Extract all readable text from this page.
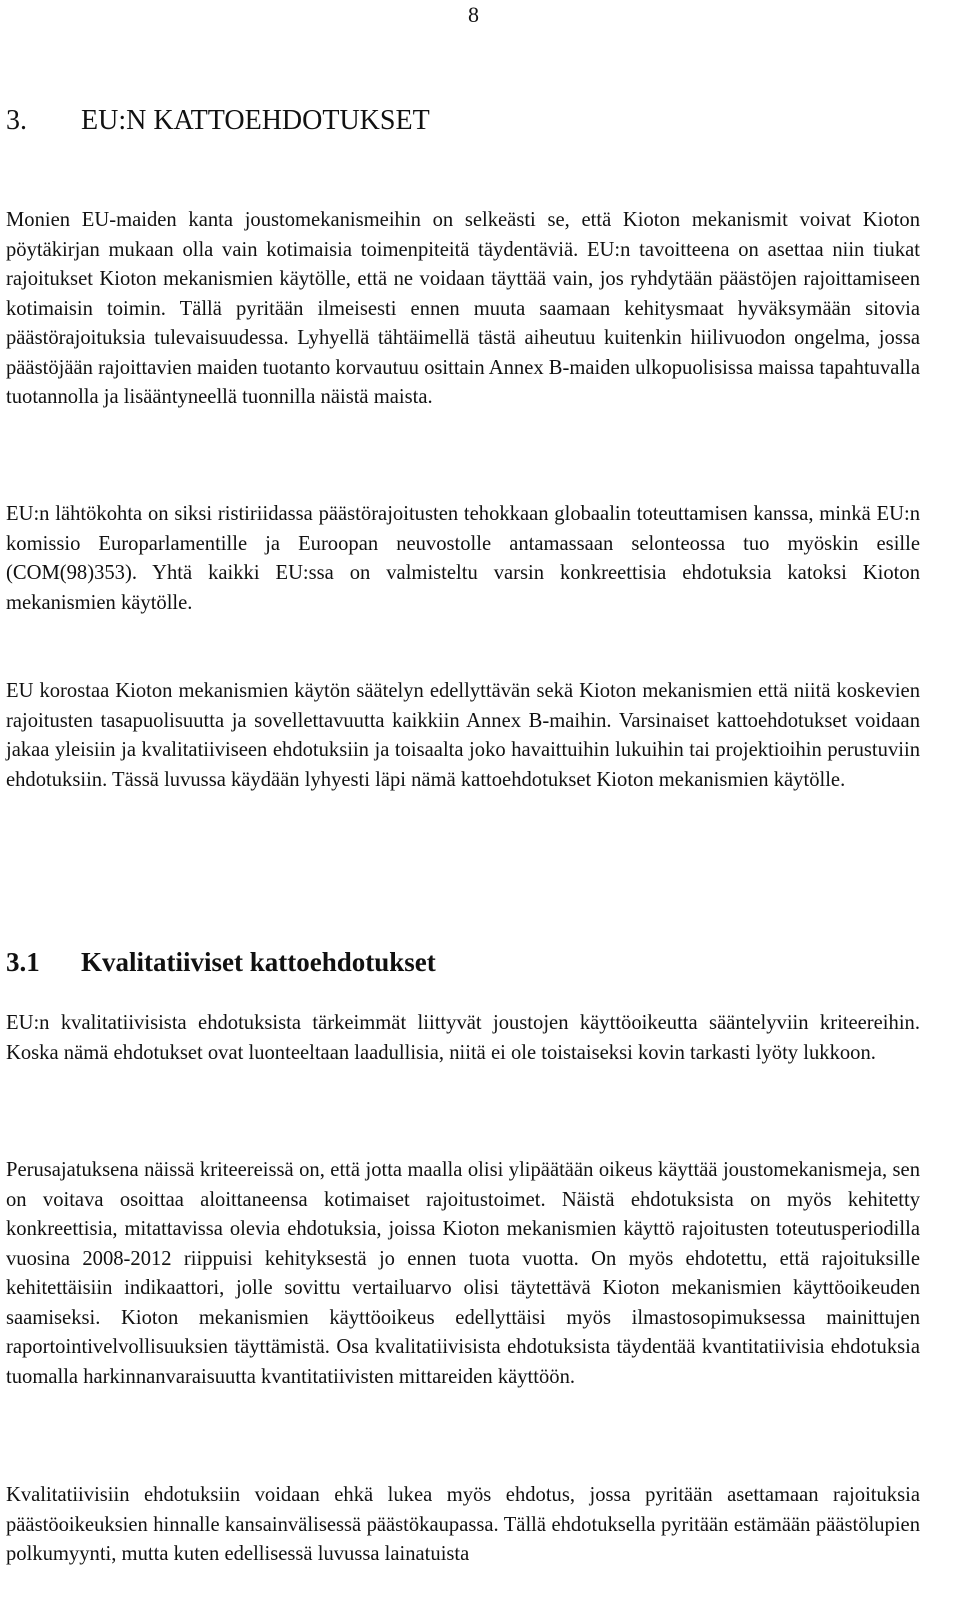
8
3. EU:N KATTOEHDOTUKSET

Monien EU-maiden kanta joustomekanismeihin on selkeästi se, että Kioton mekanismit voivat Kioton pöytäkirjan mukaan olla vain kotimaisia toimenpiteitä täydentäviä. EU:n tavoitteena on asettaa niin tiukat rajoitukset Kioton mekanismien käytölle, että ne voidaan täyttää vain, jos ryhdytään päästöjen rajoittamiseen kotimaisin toimin. Tällä pyritään ilmeisesti ennen muuta saamaan kehitysmaat hyväksymään sitovia päästörajoituksia tulevaisuudessa. Lyhyellä tähtäimellä tästä aiheutuu kuitenkin hiilivuodon ongelma, jossa päästöjään rajoittavien maiden tuotanto korvautuu osittain Annex B-maiden ulkopuolisissa maissa tapahtuvalla tuotannolla ja lisääntyneellä tuonnilla näistä maista.

EU:n lähtökohta on siksi ristiriidassa päästörajoitusten tehokkaan globaalin toteuttamisen kanssa, minkä EU:n komissio Europarlamentille ja Euroopan neuvostolle antamassaan selonteossa tuo myöskin esille (COM(98)353). Yhtä kaikki EU:ssa on valmisteltu varsin konkreettisia ehdotuksia katoksi Kioton mekanismien käytölle.

EU korostaa Kioton mekanismien käytön säätelyn edellyttävän sekä Kioton mekanismien että niitä koskevien rajoitusten tasapuolisuutta ja sovellettavuutta kaikkiin Annex B-maihin. Varsinaiset kattoehdotukset voidaan jakaa yleisiin ja kvalitatiiviseen ehdotuksiin ja toisaalta joko havaittuihin lukuihin tai projektioihin perustuviin ehdotuksiin. Tässä luvussa käydään lyhyesti läpi nämä kattoehdotukset Kioton mekanismien käytölle.

3.1 Kvalitatiiviset kattoehdotukset

EU:n kvalitatiivisista ehdotuksista tärkeimmät liittyvät joustojen käyttöoikeutta sääntelyviin kriteereihin. Koska nämä ehdotukset ovat luonteeltaan laadullisia, niitä ei ole toistaiseksi kovin tarkasti lyöty lukkoon.

Perusajatuksena näissä kriteereissä on, että jotta maalla olisi ylipäätään oikeus käyttää joustomekanismeja, sen on voitava osoittaa aloittaneensa kotimaiset rajoitustoimet. Näistä ehdotuksista on myös kehitetty konkreettisia, mitattavissa olevia ehdotuksia, joissa Kioton mekanismien käyttö rajoitusten toteutusperiodilla vuosina 2008-2012 riippuisi kehityksestä jo ennen tuota vuotta. On myös ehdotettu, että rajoituksille kehitettäisiin indikaattori, jolle sovittu vertailuarvo olisi täytettävä Kioton mekanismien käyttöoikeuden saamiseksi. Kioton mekanismien käyttöoikeus edellyttäisi myös ilmastosopimuksessa mainittujen raportointivelvollisuuksien täyttämistä. Osa kvalitatiivisista ehdotuksista täydentää kvantitatiivisia ehdotuksia tuomalla harkinnanvaraisuutta kvantitatiivisten mittareiden käyttöön.

Kvalitatiivisiin ehdotuksiin voidaan ehkä lukea myös ehdotus, jossa pyritään asettamaan rajoituksia päästöoikeuksien hinnalle kansainvälisessä päästökaupassa. Tällä ehdotuksella pyritään estämään päästölupien polkumyynti, mutta kuten edellisessä luvussa lainatuista
